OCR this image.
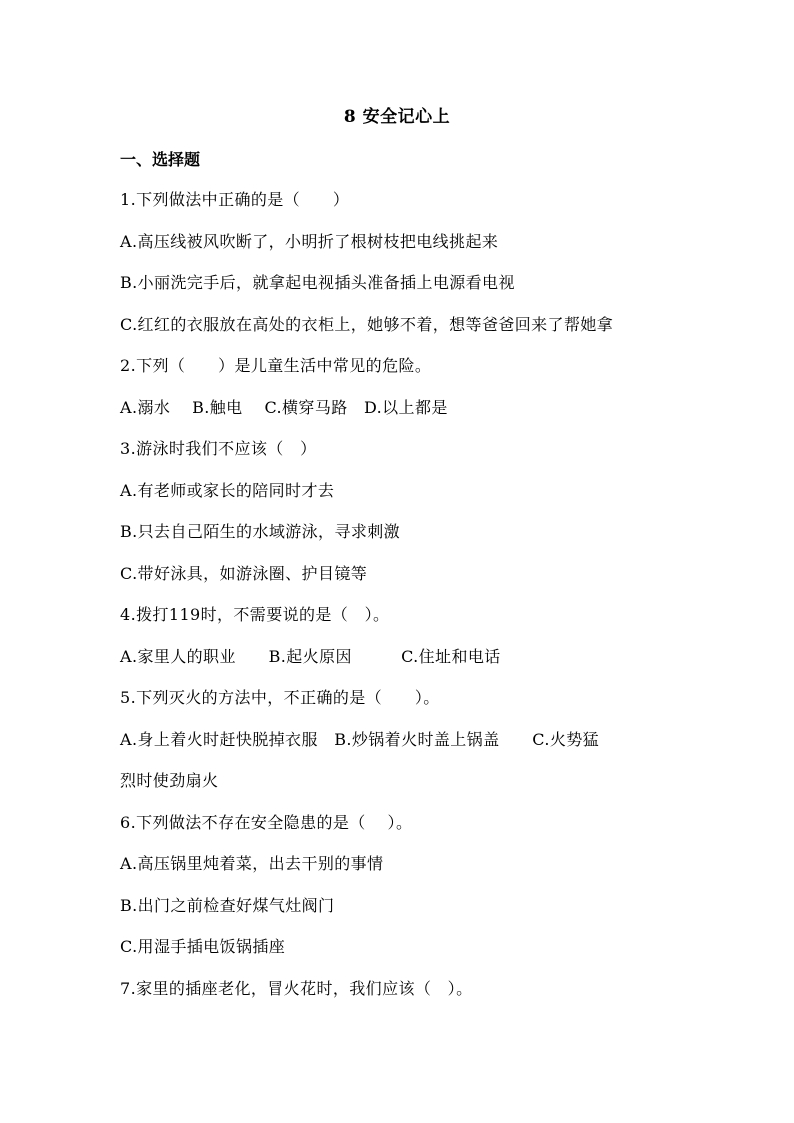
8 安全记心上
一、选择题
1.下列做法中正确的是（　　）
A.高压线被风吹断了，小明折了根树枝把电线挑起来
B.小丽洗完手后，就拿起电视插头准备插上电源看电视
C.红红的衣服放在高处的衣柜上，她够不着，想等爸爸回来了帮她拿
2.下列（　　）是儿童生活中常见的危险。
A.溺水　 B.触电　 C.横穿马路　D.以上都是
3.游泳时我们不应该（　）
A.有老师或家长的陪同时才去
B.只去自己陌生的水域游泳，寻求刺激
C.带好泳具，如游泳圈、护目镜等
4.拨打119时，不需要说的是（　）。
A.家里人的职业　　B.起火原因　　　C.住址和电话
5.下列灭火的方法中，不正确的是（　　）。
A.身上着火时赶快脱掉衣服　B.炒锅着火时盖上锅盖　　C.火势猛
烈时使劲扇火
6.下列做法不存在安全隐患的是（　 ）。
A.高压锅里炖着菜，出去干别的事情
B.出门之前检查好煤气灶阀门
C.用湿手插电饭锅插座
7.家里的插座老化，冒火花时，我们应该（　）。
